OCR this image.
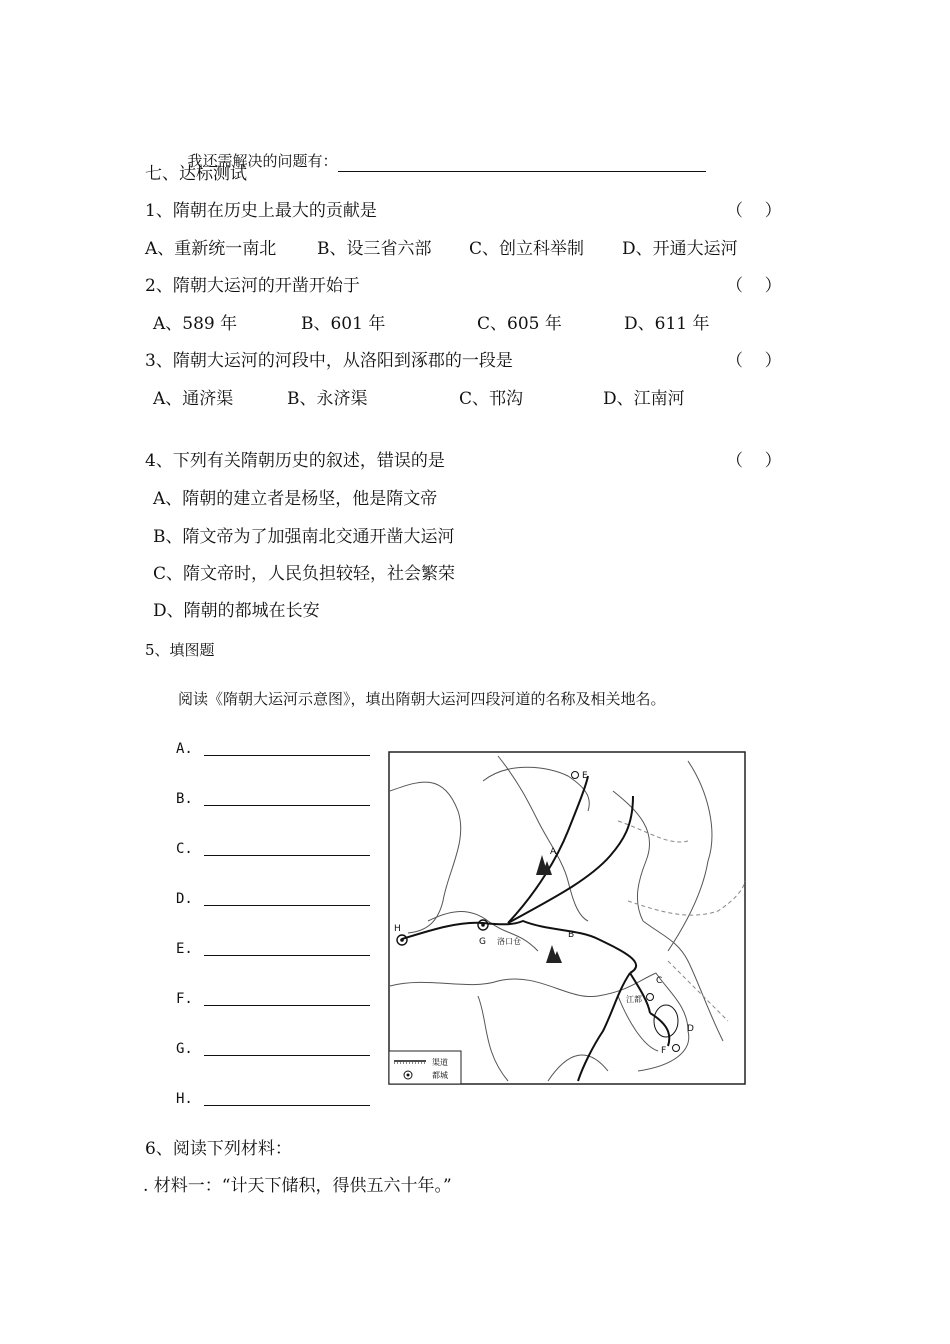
我还需解决的问题有：

七、达标测试
1、隋朝在历史上最大的贡献是	（    ）
A、重新统一南北 B、设三省六部 C、创立科举制 D、开通大运河
2、隋朝大运河的开凿开始于	（    ）
A、589 年	B、601 年	C、605 年	D、611 年
3、隋朝大运河的河段中，从洛阳到涿郡的一段是	（    ）
A、通济渠	B、永济渠	C、邗沟	D、江南河
4、下列有关隋朝历史的叙述，错误的是	（    ）
A、隋朝的建立者是杨坚，他是隋文帝
B、隋文帝为了加强南北交通开凿大运河
C、隋文帝时，人民负担较轻，社会繁荣
D、隋朝的都城在长安
5、填图题
阅读《隋朝大运河示意图》，填出隋朝大运河四段河道的名称及相关地名。
A.
B.
C.
D.
E.
F.
G.
H.
E
A
B
C
D
F
G
H
洛口仓
江都
渠道
都城
6、阅读下列材料：
. 材料一：“计天下储积，得供五六十年。”
